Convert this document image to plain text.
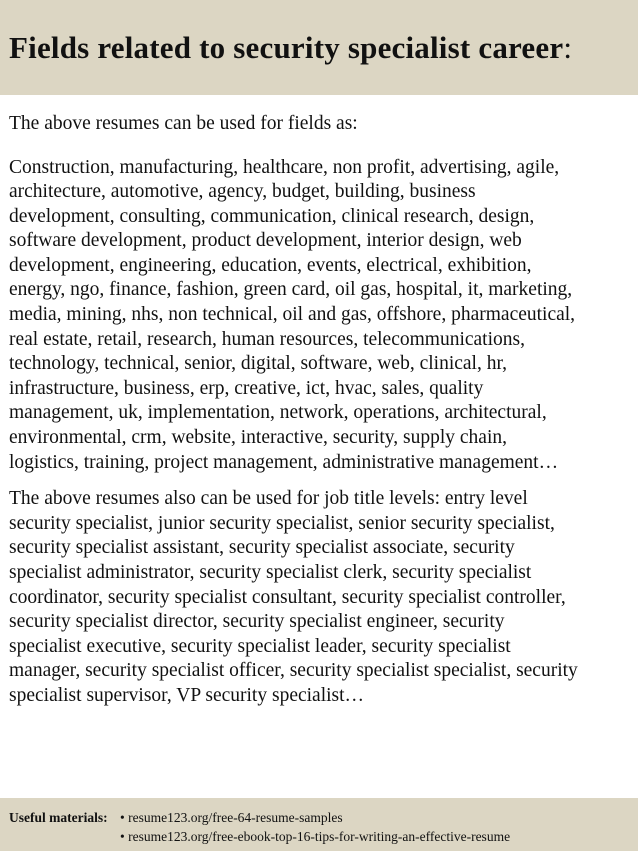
Fields related to security specialist career:

The above resumes can be used for fields as:

Construction, manufacturing, healthcare, non profit, advertising, agile,
architecture, automotive, agency, budget, building, business
development, consulting, communication, clinical research, design,
software development, product development, interior design, web
development, engineering, education, events, electrical, exhibition,
energy, ngo, finance, fashion, green card, oil gas, hospital, it, marketing,
media, mining, nhs, non technical, oil and gas, offshore, pharmaceutical,
real estate, retail, research, human resources, telecommunications,
technology, technical, senior, digital, software, web, clinical, hr,
infrastructure, business, erp, creative, ict, hvac, sales, quality
management, uk, implementation, network, operations, architectural,
environmental, crm, website, interactive, security, supply chain,
logistics, training, project management, administrative management…

The above resumes also can be used for job title levels: entry level
security specialist, junior security specialist, senior security specialist,
security specialist assistant, security specialist associate, security
specialist administrator, security specialist clerk, security specialist
coordinator, security specialist consultant, security specialist controller,
security specialist director, security specialist engineer, security
specialist executive, security specialist leader, security specialist
manager, security specialist officer, security specialist specialist, security
specialist supervisor, VP security specialist…

Useful materials:• resume123.org/free-64-resume-samples
• resume123.org/free-ebook-top-16-tips-for-writing-an-effective-resume
